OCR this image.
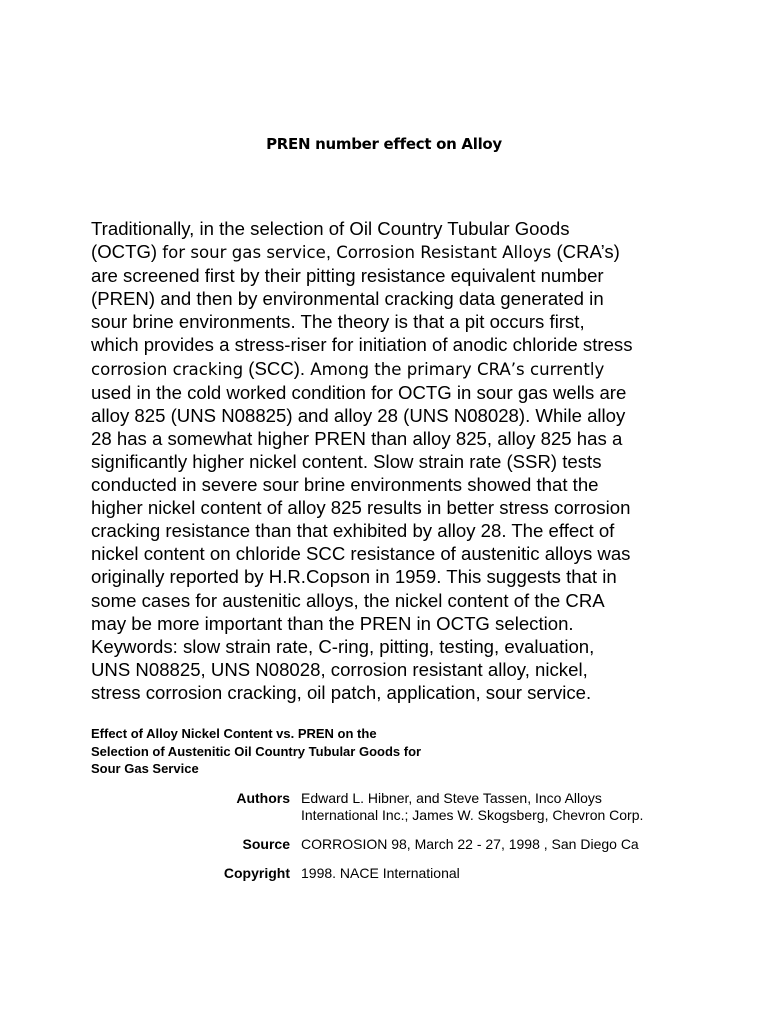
PREN number effect on Alloy
Traditionally, in the selection of Oil Country Tubular Goods
(OCTG) for sour gas service, Corrosion Resistant Alloys (CRA’s)
are screened first by their pitting resistance equivalent number
(PREN) and then by environmental cracking data generated in
sour brine environments. The theory is that a pit occurs first,
which provides a stress-riser for initiation of anodic chloride stress
corrosion cracking (SCC). Among the primary CRA’s currently
used in the cold worked condition for OCTG in sour gas wells are
alloy 825 (UNS N08825) and alloy 28 (UNS N08028). While alloy
28 has a somewhat higher PREN than alloy 825, alloy 825 has a
significantly higher nickel content. Slow strain rate (SSR) tests
conducted in severe sour brine environments showed that the
higher nickel content of alloy 825 results in better stress corrosion
cracking resistance than that exhibited by alloy 28. The effect of
nickel content on chloride SCC resistance of austenitic alloys was
originally reported by H.R.Copson in 1959. This suggests that in
some cases for austenitic alloys, the nickel content of the CRA
may be more important than the PREN in OCTG selection.
Keywords: slow strain rate, C-ring, pitting, testing, evaluation,
UNS N08825, UNS N08028, corrosion resistant alloy, nickel,
stress corrosion cracking, oil patch, application, sour service.
Effect of Alloy Nickel Content vs. PREN on the
Selection of Austenitic Oil Country Tubular Goods for
Sour Gas Service
Authors	Edward L. Hibner, and Steve Tassen, Inco Alloys
International Inc.; James W. Skogsberg, Chevron Corp.

Source	CORROSION 98, March 22 - 27, 1998 , San Diego Ca

Copyright	1998. NACE International
